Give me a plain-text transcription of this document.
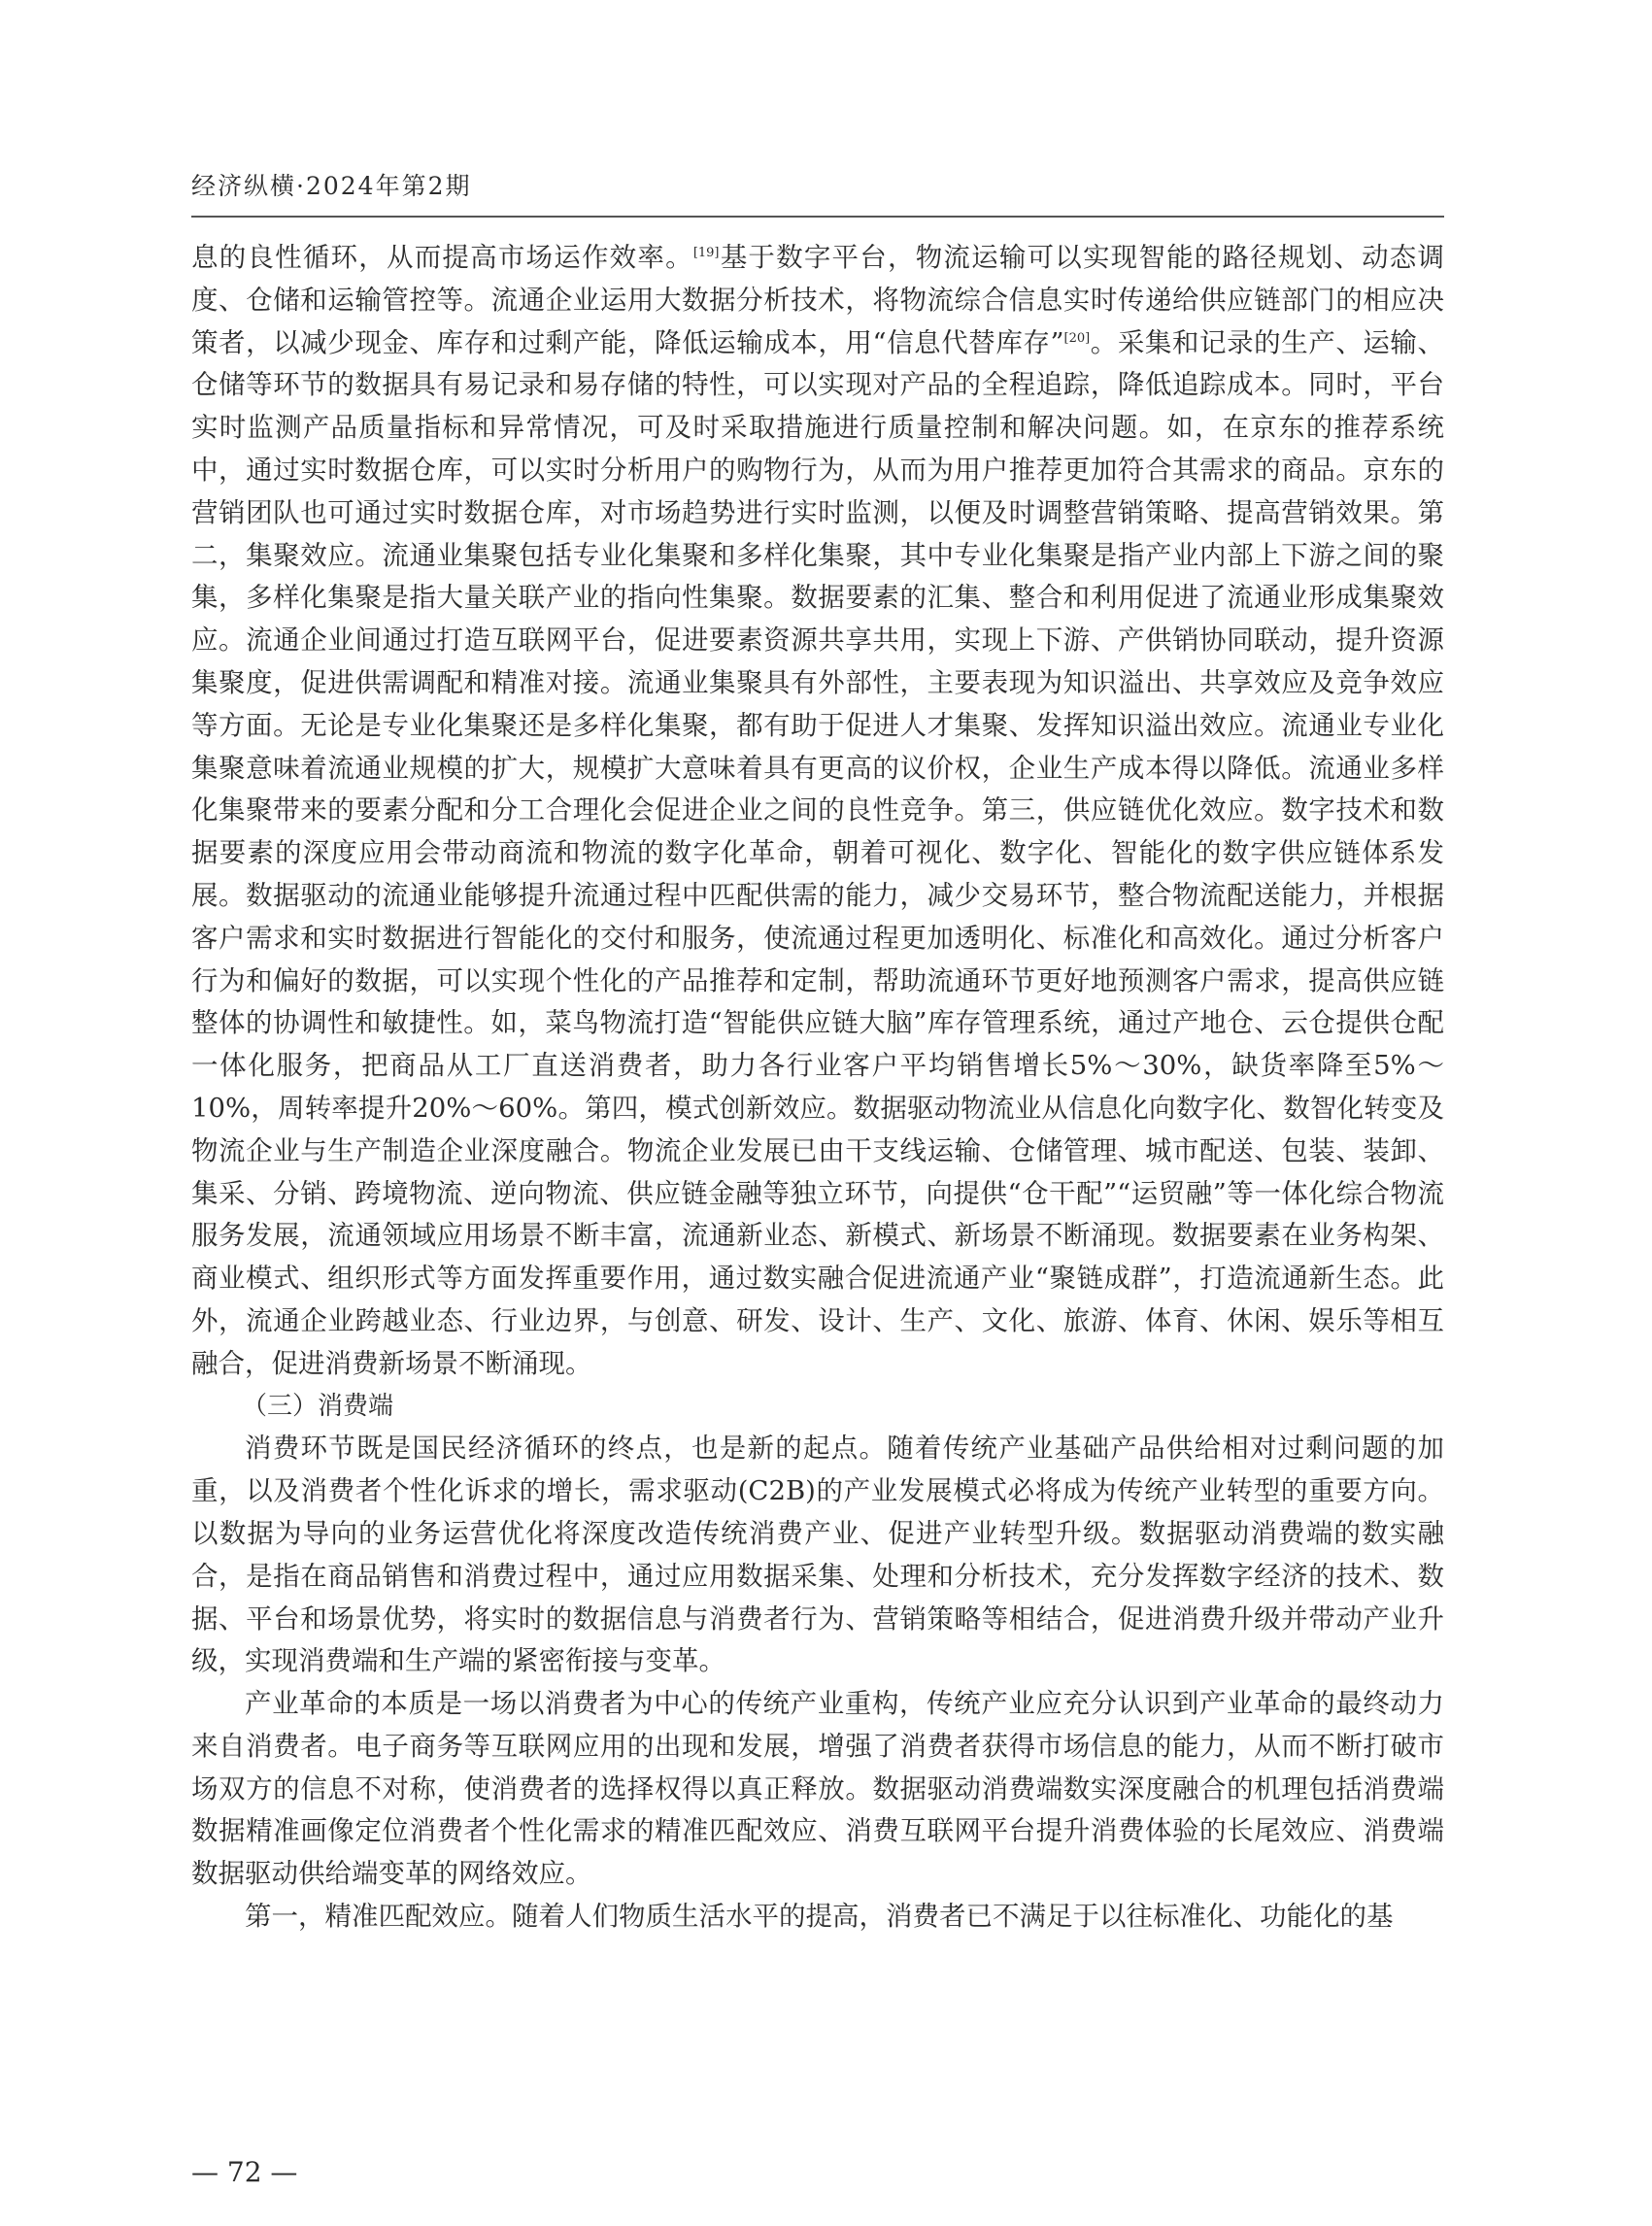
经济纵横·2024年第2期

息的良性循环，从而提高市场运作效率。[19]基于数字平台，物流运输可以实现智能的路径规划、动态调度、仓储和运输管控等。流通企业运用大数据分析技术，将物流综合信息实时传递给供应链部门的相应决策者，以减少现金、库存和过剩产能，降低运输成本，用“信息代替库存”[20]。采集和记录的生产、运输、仓储等环节的数据具有易记录和易存储的特性，可以实现对产品的全程追踪，降低追踪成本。同时，平台实时监测产品质量指标和异常情况，可及时采取措施进行质量控制和解决问题。如，在京东的推荐系统中，通过实时数据仓库，可以实时分析用户的购物行为，从而为用户推荐更加符合其需求的商品。京东的营销团队也可通过实时数据仓库，对市场趋势进行实时监测，以便及时调整营销策略、提高营销效果。第二，集聚效应。流通业集聚包括专业化集聚和多样化集聚，其中专业化集聚是指产业内部上下游之间的聚集，多样化集聚是指大量关联产业的指向性集聚。数据要素的汇集、整合和利用促进了流通业形成集聚效应。流通企业间通过打造互联网平台，促进要素资源共享共用，实现上下游、产供销协同联动，提升资源集聚度，促进供需调配和精准对接。流通业集聚具有外部性，主要表现为知识溢出、共享效应及竞争效应等方面。无论是专业化集聚还是多样化集聚，都有助于促进人才集聚、发挥知识溢出效应。流通业专业化集聚意味着流通业规模的扩大，规模扩大意味着具有更高的议价权，企业生产成本得以降低。流通业多样化集聚带来的要素分配和分工合理化会促进企业之间的良性竞争。第三，供应链优化效应。数字技术和数据要素的深度应用会带动商流和物流的数字化革命，朝着可视化、数字化、智能化的数字供应链体系发展。数据驱动的流通业能够提升流通过程中匹配供需的能力，减少交易环节，整合物流配送能力，并根据客户需求和实时数据进行智能化的交付和服务，使流通过程更加透明化、标准化和高效化。通过分析客户行为和偏好的数据，可以实现个性化的产品推荐和定制，帮助流通环节更好地预测客户需求，提高供应链整体的协调性和敏捷性。如，菜鸟物流打造“智能供应链大脑”库存管理系统，通过产地仓、云仓提供仓配一体化服务，把商品从工厂直送消费者，助力各行业客户平均销售增长5%～30%，缺货率降至5%～10%，周转率提升20%～60%。第四，模式创新效应。数据驱动物流业从信息化向数字化、数智化转变及物流企业与生产制造企业深度融合。物流企业发展已由干支线运输、仓储管理、城市配送、包装、装卸、集采、分销、跨境物流、逆向物流、供应链金融等独立环节，向提供“仓干配”“运贸融”等一体化综合物流服务发展，流通领域应用场景不断丰富，流通新业态、新模式、新场景不断涌现。数据要素在业务构架、商业模式、组织形式等方面发挥重要作用，通过数实融合促进流通产业“聚链成群”，打造流通新生态。此外，流通企业跨越业态、行业边界，与创意、研发、设计、生产、文化、旅游、体育、休闲、娱乐等相互融合，促进消费新场景不断涌现。

（三）消费端

消费环节既是国民经济循环的终点，也是新的起点。随着传统产业基础产品供给相对过剩问题的加重，以及消费者个性化诉求的增长，需求驱动(C2B)的产业发展模式必将成为传统产业转型的重要方向。以数据为导向的业务运营优化将深度改造传统消费产业、促进产业转型升级。数据驱动消费端的数实融合，是指在商品销售和消费过程中，通过应用数据采集、处理和分析技术，充分发挥数字经济的技术、数据、平台和场景优势，将实时的数据信息与消费者行为、营销策略等相结合，促进消费升级并带动产业升级，实现消费端和生产端的紧密衔接与变革。

产业革命的本质是一场以消费者为中心的传统产业重构，传统产业应充分认识到产业革命的最终动力来自消费者。电子商务等互联网应用的出现和发展，增强了消费者获得市场信息的能力，从而不断打破市场双方的信息不对称，使消费者的选择权得以真正释放。数据驱动消费端数实深度融合的机理包括消费端数据精准画像定位消费者个性化需求的精准匹配效应、消费互联网平台提升消费体验的长尾效应、消费端数据驱动供给端变革的网络效应。

第一，精准匹配效应。随着人们物质生活水平的提高，消费者已不满足于以往标准化、功能化的基

— 72 —
